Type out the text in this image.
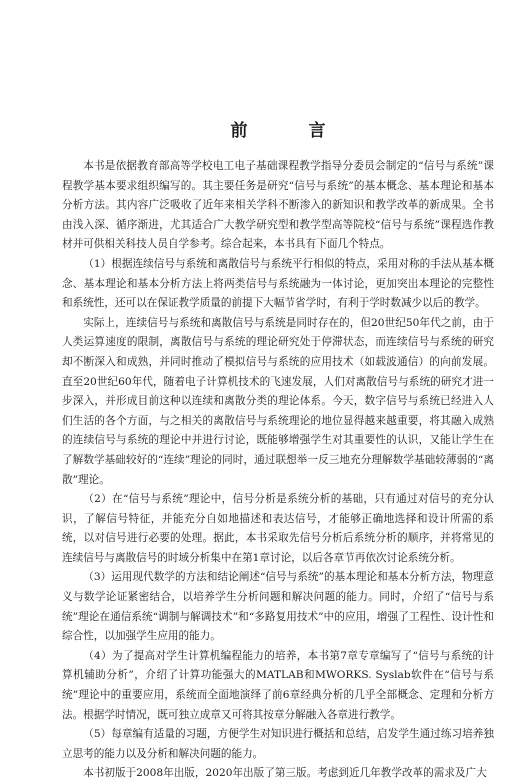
前　言

本书是依据教育部高等学校电工电子基础课程教学指导分委员会制定的“信号与系统”课程教学基本要求组织编写的。其主要任务是研究“信号与系统”的基本概念、基本理论和基本分析方法。其内容广泛吸收了近年来相关学科不断渗入的新知识和教学改革的新成果。全书由浅入深、循序渐进，尤其适合广大教学研究型和教学型高等院校“信号与系统”课程选作教材并可供相关科技人员自学参考。综合起来，本书具有下面几个特点。

（1）根据连续信号与系统和离散信号与系统平行相似的特点，采用对称的手法从基本概念、基本理论和基本分析方法上将两类信号与系统融为一体讨论，更加突出本理论的完整性和系统性，还可以在保证教学质量的前提下大幅节省学时，有利于学时数减少以后的教学。

实际上，连续信号与系统和离散信号与系统是同时存在的，但20世纪50年代之前，由于人类运算速度的限制，离散信号与系统的理论研究处于停滞状态，而连续信号与系统的研究却不断深入和成熟，并同时推动了模拟信号与系统的应用技术（如载波通信）的向前发展。直至20世纪60年代，随着电子计算机技术的飞速发展，人们对离散信号与系统的研究才进一步深入，并形成目前这种以连续和离散分类的理论体系。今天，数字信号与系统已经进入人们生活的各个方面，与之相关的离散信号与系统理论的地位显得越来越重要，将其融入成熟的连续信号与系统的理论中并进行讨论，既能够增强学生对其重要性的认识，又能让学生在了解数学基础较好的“连续”理论的同时，通过联想举一反三地充分理解数学基础较薄弱的“离散”理论。

（2）在“信号与系统”理论中，信号分析是系统分析的基础，只有通过对信号的充分认识，了解信号特征，并能充分自如地描述和表达信号，才能够正确地选择和设计所需的系统，以对信号进行必要的处理。据此，本书采取先信号分析后系统分析的顺序，并将常见的连续信号与离散信号的时域分析集中在第1章讨论，以后各章节再依次讨论系统分析。

（3）运用现代数学的方法和结论阐述“信号与系统”的基本理论和基本分析方法，物理意义与数学论证紧密结合，以培养学生分析问题和解决问题的能力。同时，介绍了“信号与系统”理论在通信系统“调制与解调技术”和“多路复用技术”中的应用，增强了工程性、设计性和综合性，以加强学生应用的能力。

（4）为了提高对学生计算机编程能力的培养，本书第7章专章编写了“信号与系统的计算机辅助分析”，介绍了计算功能强大的MATLAB和MWORKS. Syslab软件在“信号与系统”理论中的重要应用，系统而全面地演绎了前6章经典分析的几乎全部概念、定理和分析方法。根据学时情况，既可独立成章又可将其按章分解融入各章进行教学。

（5）每章编有适量的习题，方便学生对知识进行概括和总结，启发学生通过练习培养独立思考的能力以及分析和解决问题的能力。

本书初版于2008年出版，2020年出版了第三版。考虑到近几年教学改革的需求及广大
